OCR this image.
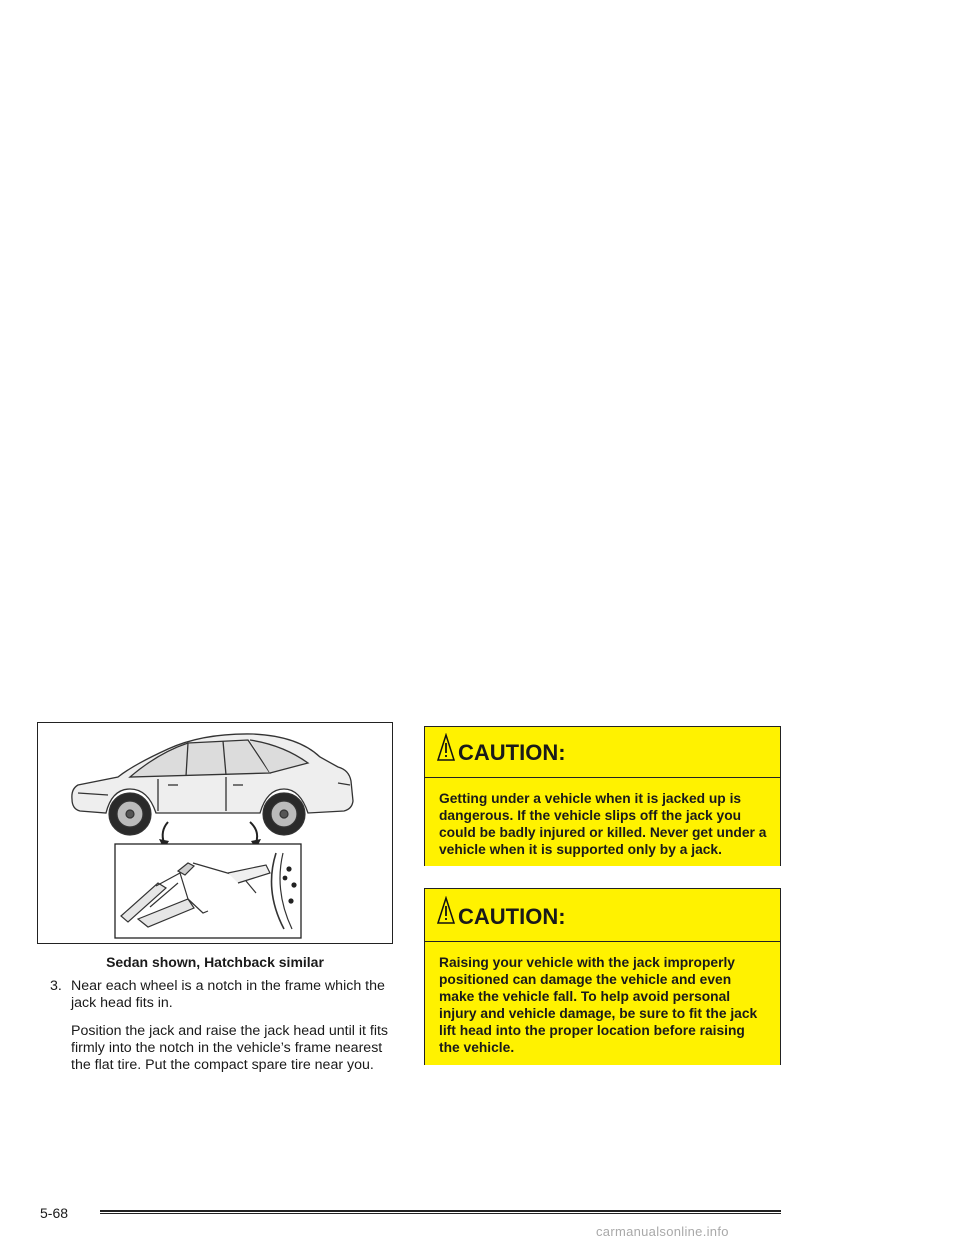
Sedan shown, Hatchback similar
3. Near each wheel is a notch in the frame which the jack head fits in.
Position the jack and raise the jack head until it fits firmly into the notch in the vehicle’s frame nearest the flat tire. Put the compact spare tire near you.
CAUTION:
Getting under a vehicle when it is jacked up is dangerous. If the vehicle slips off the jack you could be badly injured or killed. Never get under a vehicle when it is supported only by a jack.
CAUTION:
Raising your vehicle with the jack improperly positioned can damage the vehicle and even make the vehicle fall. To help avoid personal injury and vehicle damage, be sure to fit the jack lift head into the proper location before raising the vehicle.
5-68
carmanualsonline.info
